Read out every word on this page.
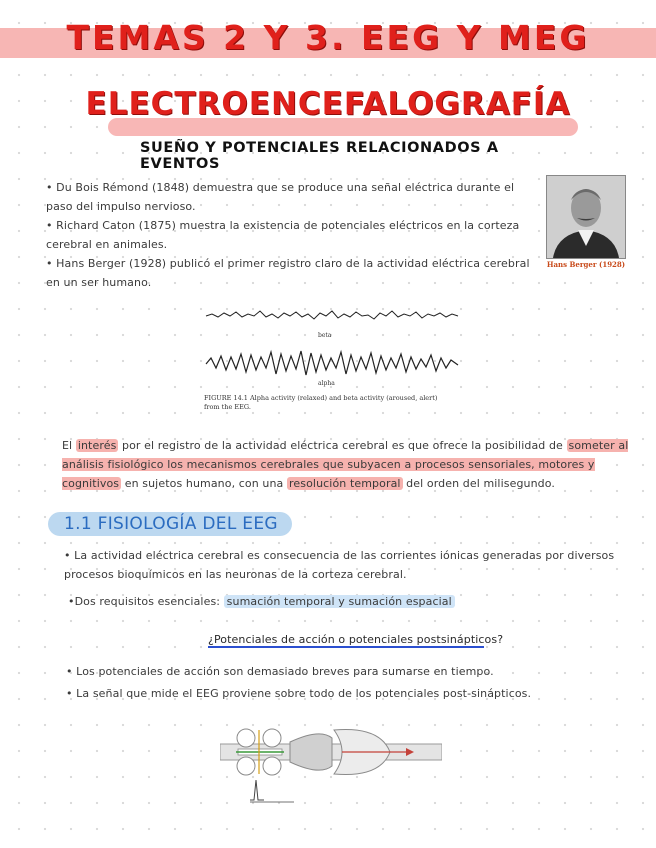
TEMAS 2 Y 3. EEG Y MEG
ELECTROENCEFALOGRAFÍA
SUEÑO Y POTENCIALES RELACIONADOS A EVENTOS

• Du Bois Rémond (1848) demuestra que se produce una señal eléctrica durante el paso del impulso nervioso.

• Richard Caton (1875) muestra la existencia de potenciales eléctricos en la corteza cerebral en animales.

• Hans Berger (1928) publicó el primer registro claro de la actividad eléctrica cerebral en un ser humano.

Hans Berger (1928)
beta
alpha
FIGURE 14.1 Alpha activity (relaxed) and beta activity (aroused, alert)
from the EEG.
El interés por el registro de la actividad eléctrica cerebral es que ofrece la posibilidad de someter al análisis fisiológico los mecanismos cerebrales que subyacen a procesos sensoriales, motores y cognitivos en sujetos humano, con una resolución temporal del orden del milisegundo.
1.1 FISIOLOGÍA DEL EEG
• La actividad eléctrica cerebral es consecuencia de las corrientes iónicas generadas por diversos procesos bioquímicos en las neuronas de la corteza cerebral.
•Dos requisitos esenciales: sumación temporal y sumación espacial
¿Potenciales de acción o potenciales postsinápticos?
• Los potenciales de acción son demasiado breves para sumarse en tiempo.
• La señal que mide el EEG proviene sobre todo de los potenciales post-sinápticos.
